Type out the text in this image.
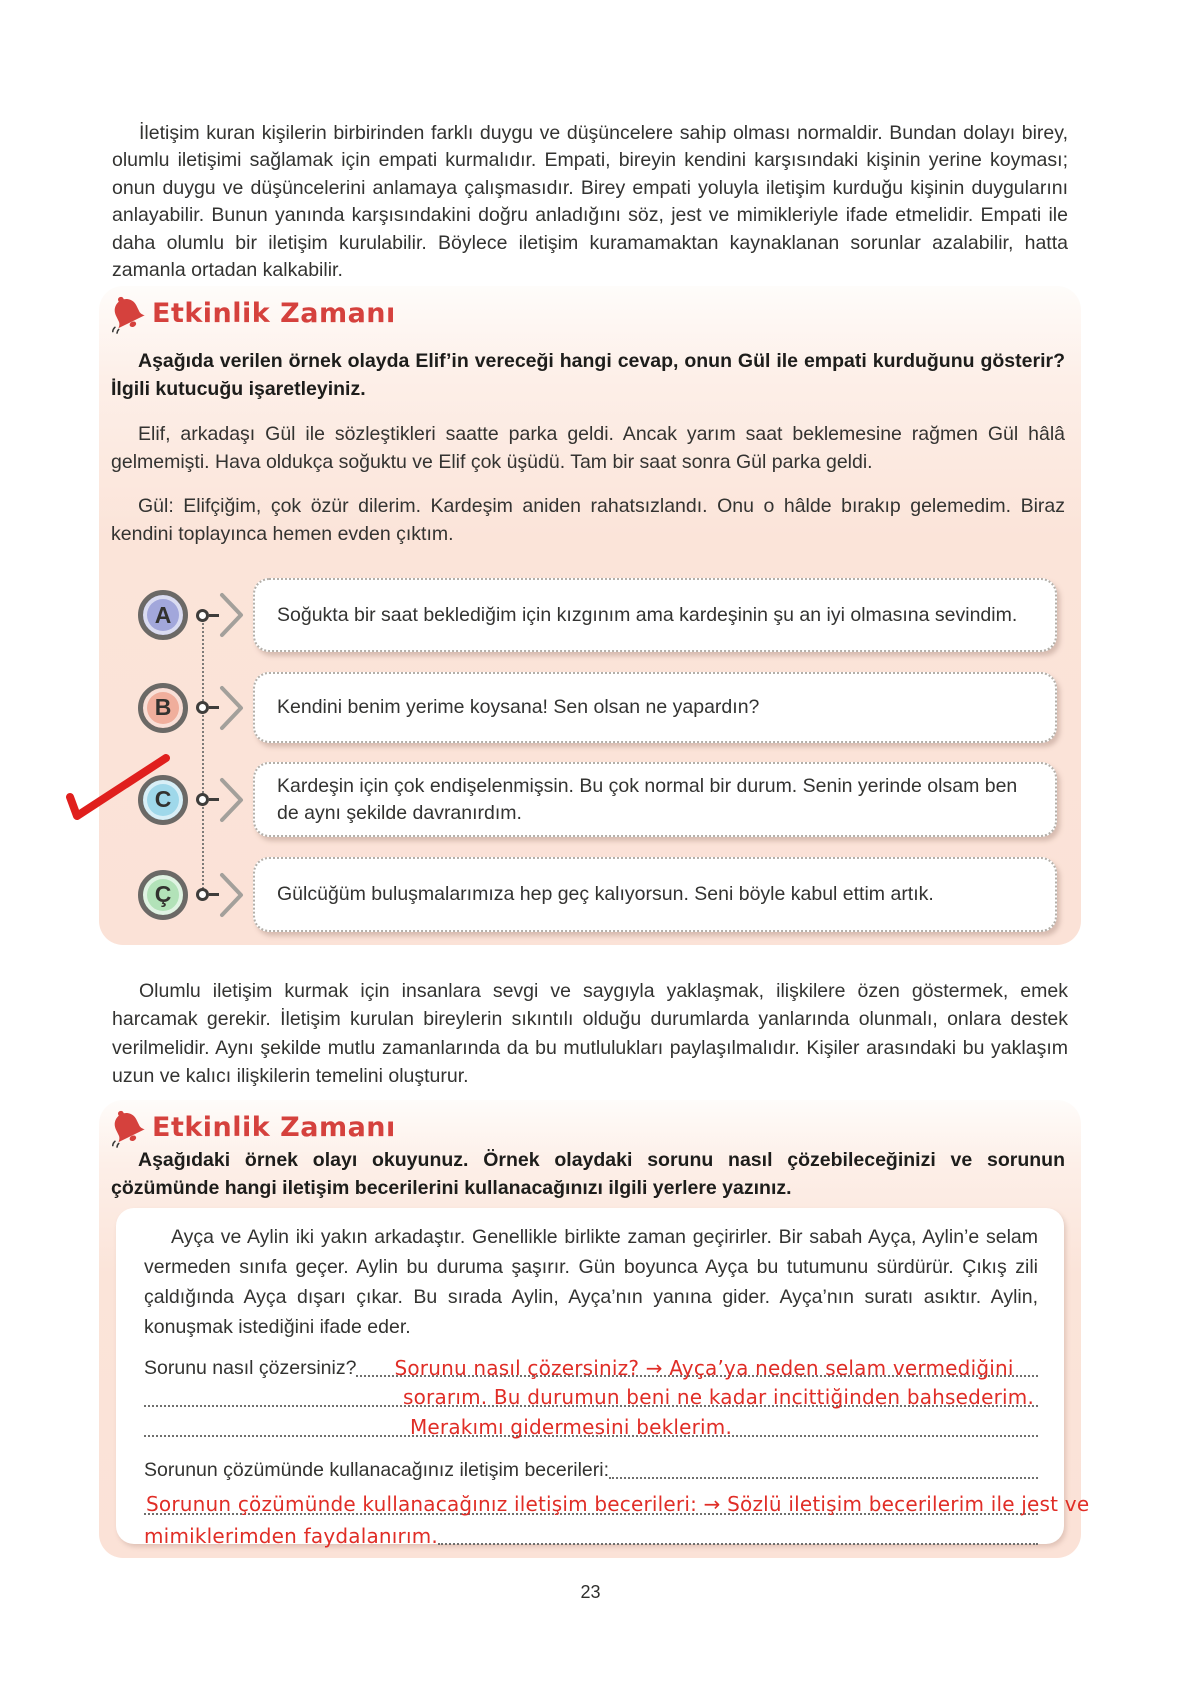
İletişim kuran kişilerin birbirinden farklı duygu ve düşüncelere sahip olması normaldir. Bundan dolayı birey, olumlu iletişimi sağlamak için empati kurmalıdır. Empati, bireyin kendini karşısındaki kişinin yerine koyması; onun duygu ve düşüncelerini anlamaya çalışmasıdır. Birey empati yoluyla iletişim kurduğu kişinin duygularını anlayabilir. Bunun yanında karşısındakini doğru anladığını söz, jest ve mimikleriyle ifade etmelidir. Empati ile daha olumlu bir iletişim kurulabilir. Böylece iletişim kuramamaktan kaynaklanan sorunlar azalabilir, hatta zamanla ortadan kalkabilir.

Etkinlik Zamanı

Aşağıda verilen örnek olayda Elif’in vereceği hangi cevap, onun Gül ile empati kurduğunu gösterir? İlgili kutucuğu işaretleyiniz.

Elif, arkadaşı Gül ile sözleştikleri saatte parka geldi. Ancak yarım saat beklemesine rağmen Gül hâlâ gelmemişti. Hava oldukça soğuktu ve Elif çok üşüdü. Tam bir saat sonra Gül parka geldi.

Gül: Elifçiğim, çok özür dilerim. Kardeşim aniden rahatsızlandı. Onu o hâlde bırakıp gelemedim. Biraz kendini toplayınca hemen evden çıktım.

A	Soğukta bir saat beklediğim için kızgınım ama kardeşinin şu an iyi olmasına sevindim.

B	Kendini benim yerime koysana! Sen olsan ne yapardın?

C	Kardeşin için çok endişelenmişsin. Bu çok normal bir durum. Senin yerinde olsam ben de aynı şekilde davranırdım.

Ç	Gülcüğüm buluşmalarımıza hep geç kalıyorsun. Seni böyle kabul ettim artık.

Olumlu iletişim kurmak için insanlara sevgi ve saygıyla yaklaşmak, ilişkilere özen göstermek, emek harcamak gerekir. İletişim kurulan bireylerin sıkıntılı olduğu durumlarda yanlarında olunmalı, onlara destek verilmelidir. Aynı şekilde mutlu zamanlarında da bu mutlulukları paylaşılmalıdır. Kişiler arasındaki bu yaklaşım uzun ve kalıcı ilişkilerin temelini oluşturur.

Etkinlik Zamanı

Aşağıdaki örnek olayı okuyunuz. Örnek olaydaki sorunu nasıl çözebileceğinizi ve sorunun çözümünde hangi iletişim becerilerini kullanacağınızı ilgili yerlere yazınız.

Ayça ve Aylin iki yakın arkadaştır. Genellikle birlikte zaman geçirirler. Bir sabah Ayça, Aylin’e selam vermeden sınıfa geçer. Aylin bu duruma şaşırır. Gün boyunca Ayça bu tutumunu sürdürür. Çıkış zili çaldığında Ayça dışarı çıkar. Bu sırada Aylin, Ayça’nın yanına gider. Ayça’nın suratı asıktır. Aylin, konuşmak istediğini ifade eder.

Sorunu nasıl çözersiniz?	Sorunu nasıl çözersiniz? → Ayça’ya neden selam vermediğini
sorarım. Bu durumun beni ne kadar incittiğinden bahsederim.
Merakımı gidermesini beklerim.
Sorunun çözümünde kullanacağınız iletişim becerileri:
Sorunun çözümünde kullanacağınız iletişim becerileri: → Sözlü iletişim becerilerim ile jest ve
mimiklerimden faydalanırım.
23
